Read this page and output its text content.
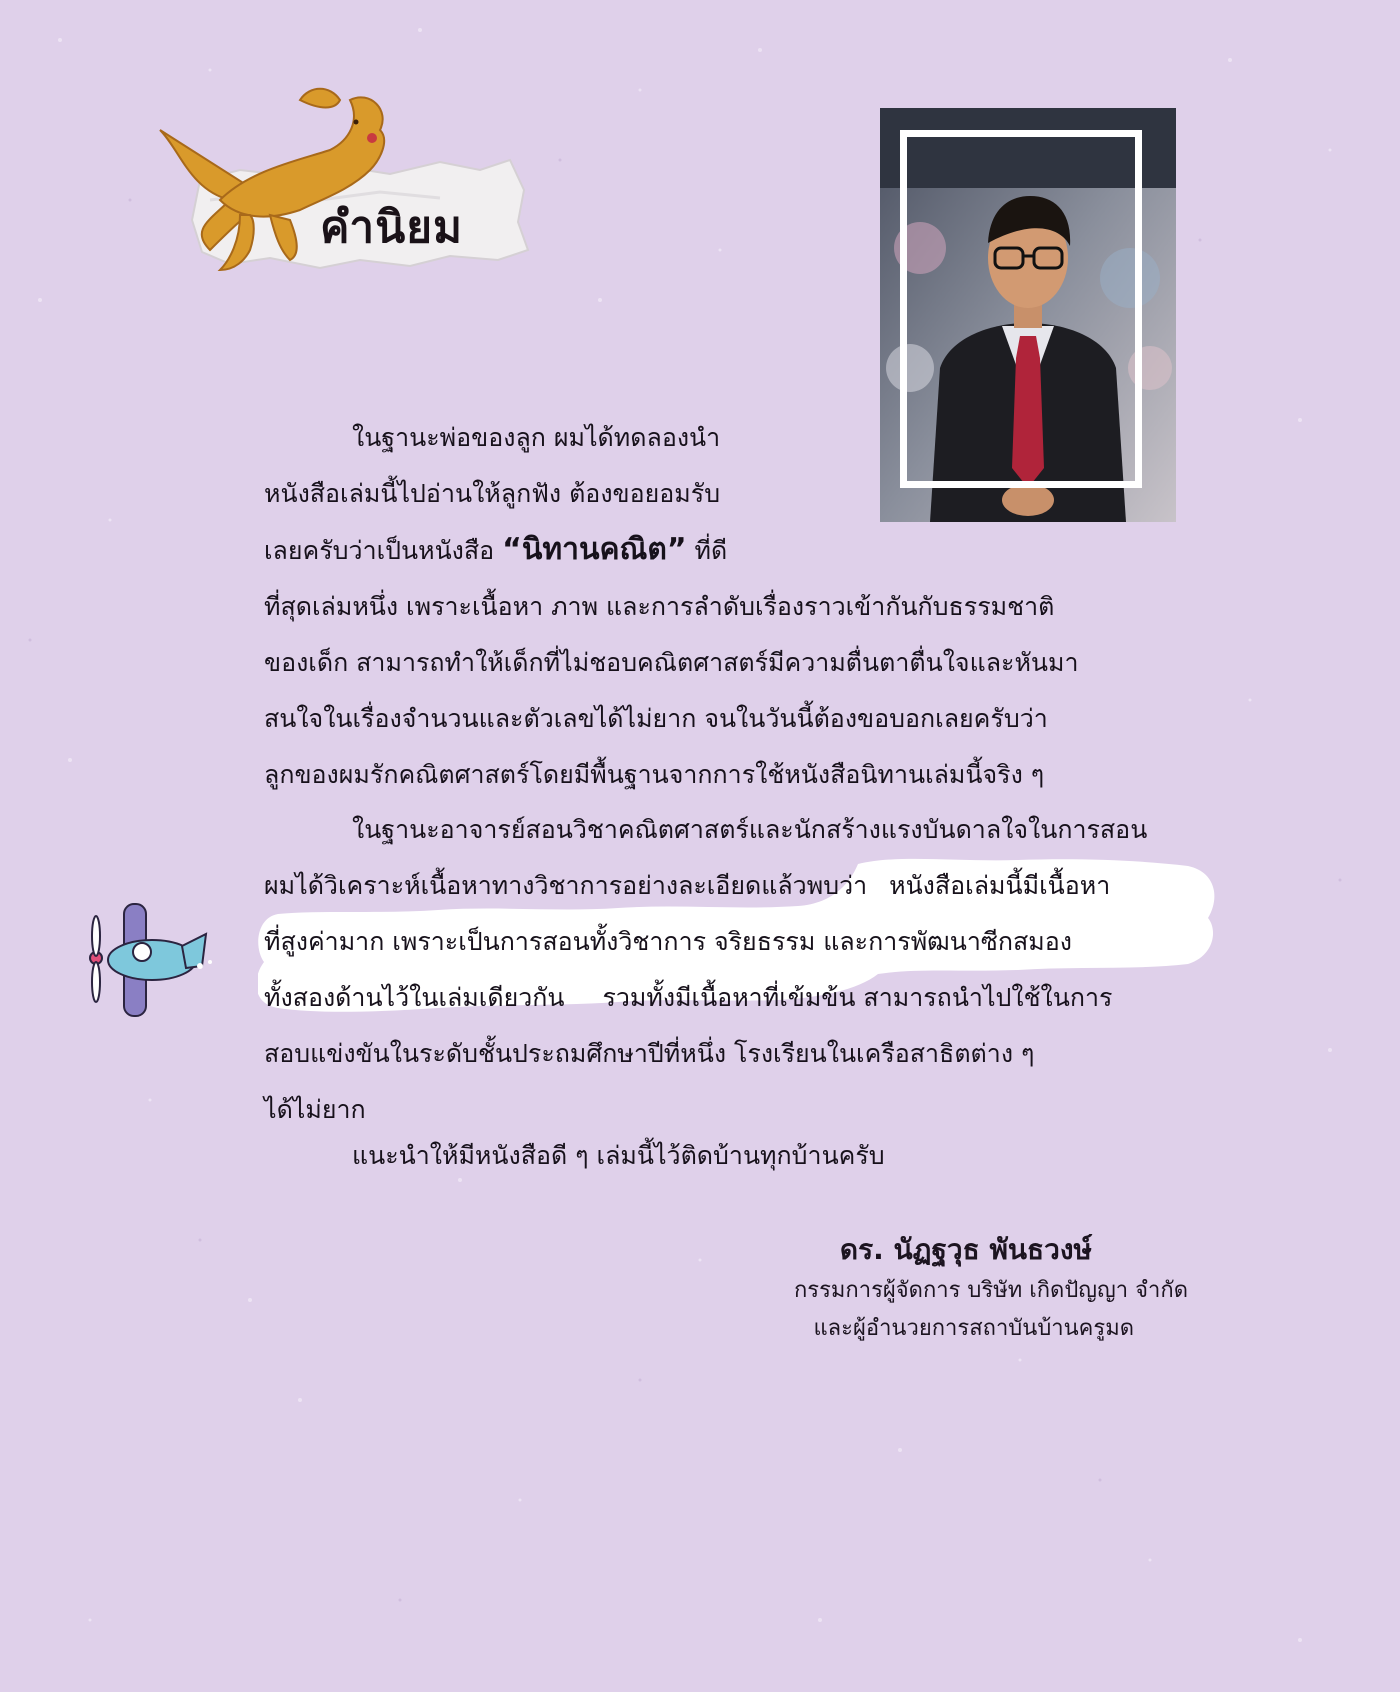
คำนิยม
ในฐานะพ่อของลูก ผมได้ทดลองนำ
หนังสือเล่มนี้ไปอ่านให้ลูกฟัง ต้องขอยอมรับ
เลยครับว่าเป็นหนังสือ “นิทานคณิต” ที่ดี
ที่สุดเล่มหนึ่ง เพราะเนื้อหา ภาพ และการลำดับเรื่องราวเข้ากันกับธรรมชาติ
ของเด็ก สามารถทำให้เด็กที่ไม่ชอบคณิตศาสตร์มีความตื่นตาตื่นใจและหันมา
สนใจในเรื่องจำนวนและตัวเลขได้ไม่ยาก จนในวันนี้ต้องขอบอกเลยครับว่า
ลูกของผมรักคณิตศาสตร์โดยมีพื้นฐานจากการใช้หนังสือนิทานเล่มนี้จริง ๆ
ในฐานะอาจารย์สอนวิชาคณิตศาสตร์และนักสร้างแรงบันดาลใจในการสอน
ผมได้วิเคราะห์เนื้อหาทางวิชาการอย่างละเอียดแล้วพบว่า หนังสือเล่มนี้มีเนื้อหา
ที่สูงค่ามาก เพราะเป็นการสอนทั้งวิชาการ จริยธรรม และการพัฒนาซีกสมอง
ทั้งสองด้านไว้ในเล่มเดียวกัน รวมทั้งมีเนื้อหาที่เข้มข้น สามารถนำไปใช้ในการ
สอบแข่งขันในระดับชั้นประถมศึกษาปีที่หนึ่ง โรงเรียนในเครือสาธิตต่าง ๆ
ได้ไม่ยาก
แนะนำให้มีหนังสือดี ๆ เล่มนี้ไว้ติดบ้านทุกบ้านครับ
ดร. นัฏฐวุธ พันธวงษ์
กรรมการผู้จัดการ บริษัท เกิดปัญญา จำกัด
และผู้อำนวยการสถาบันบ้านครูมด
